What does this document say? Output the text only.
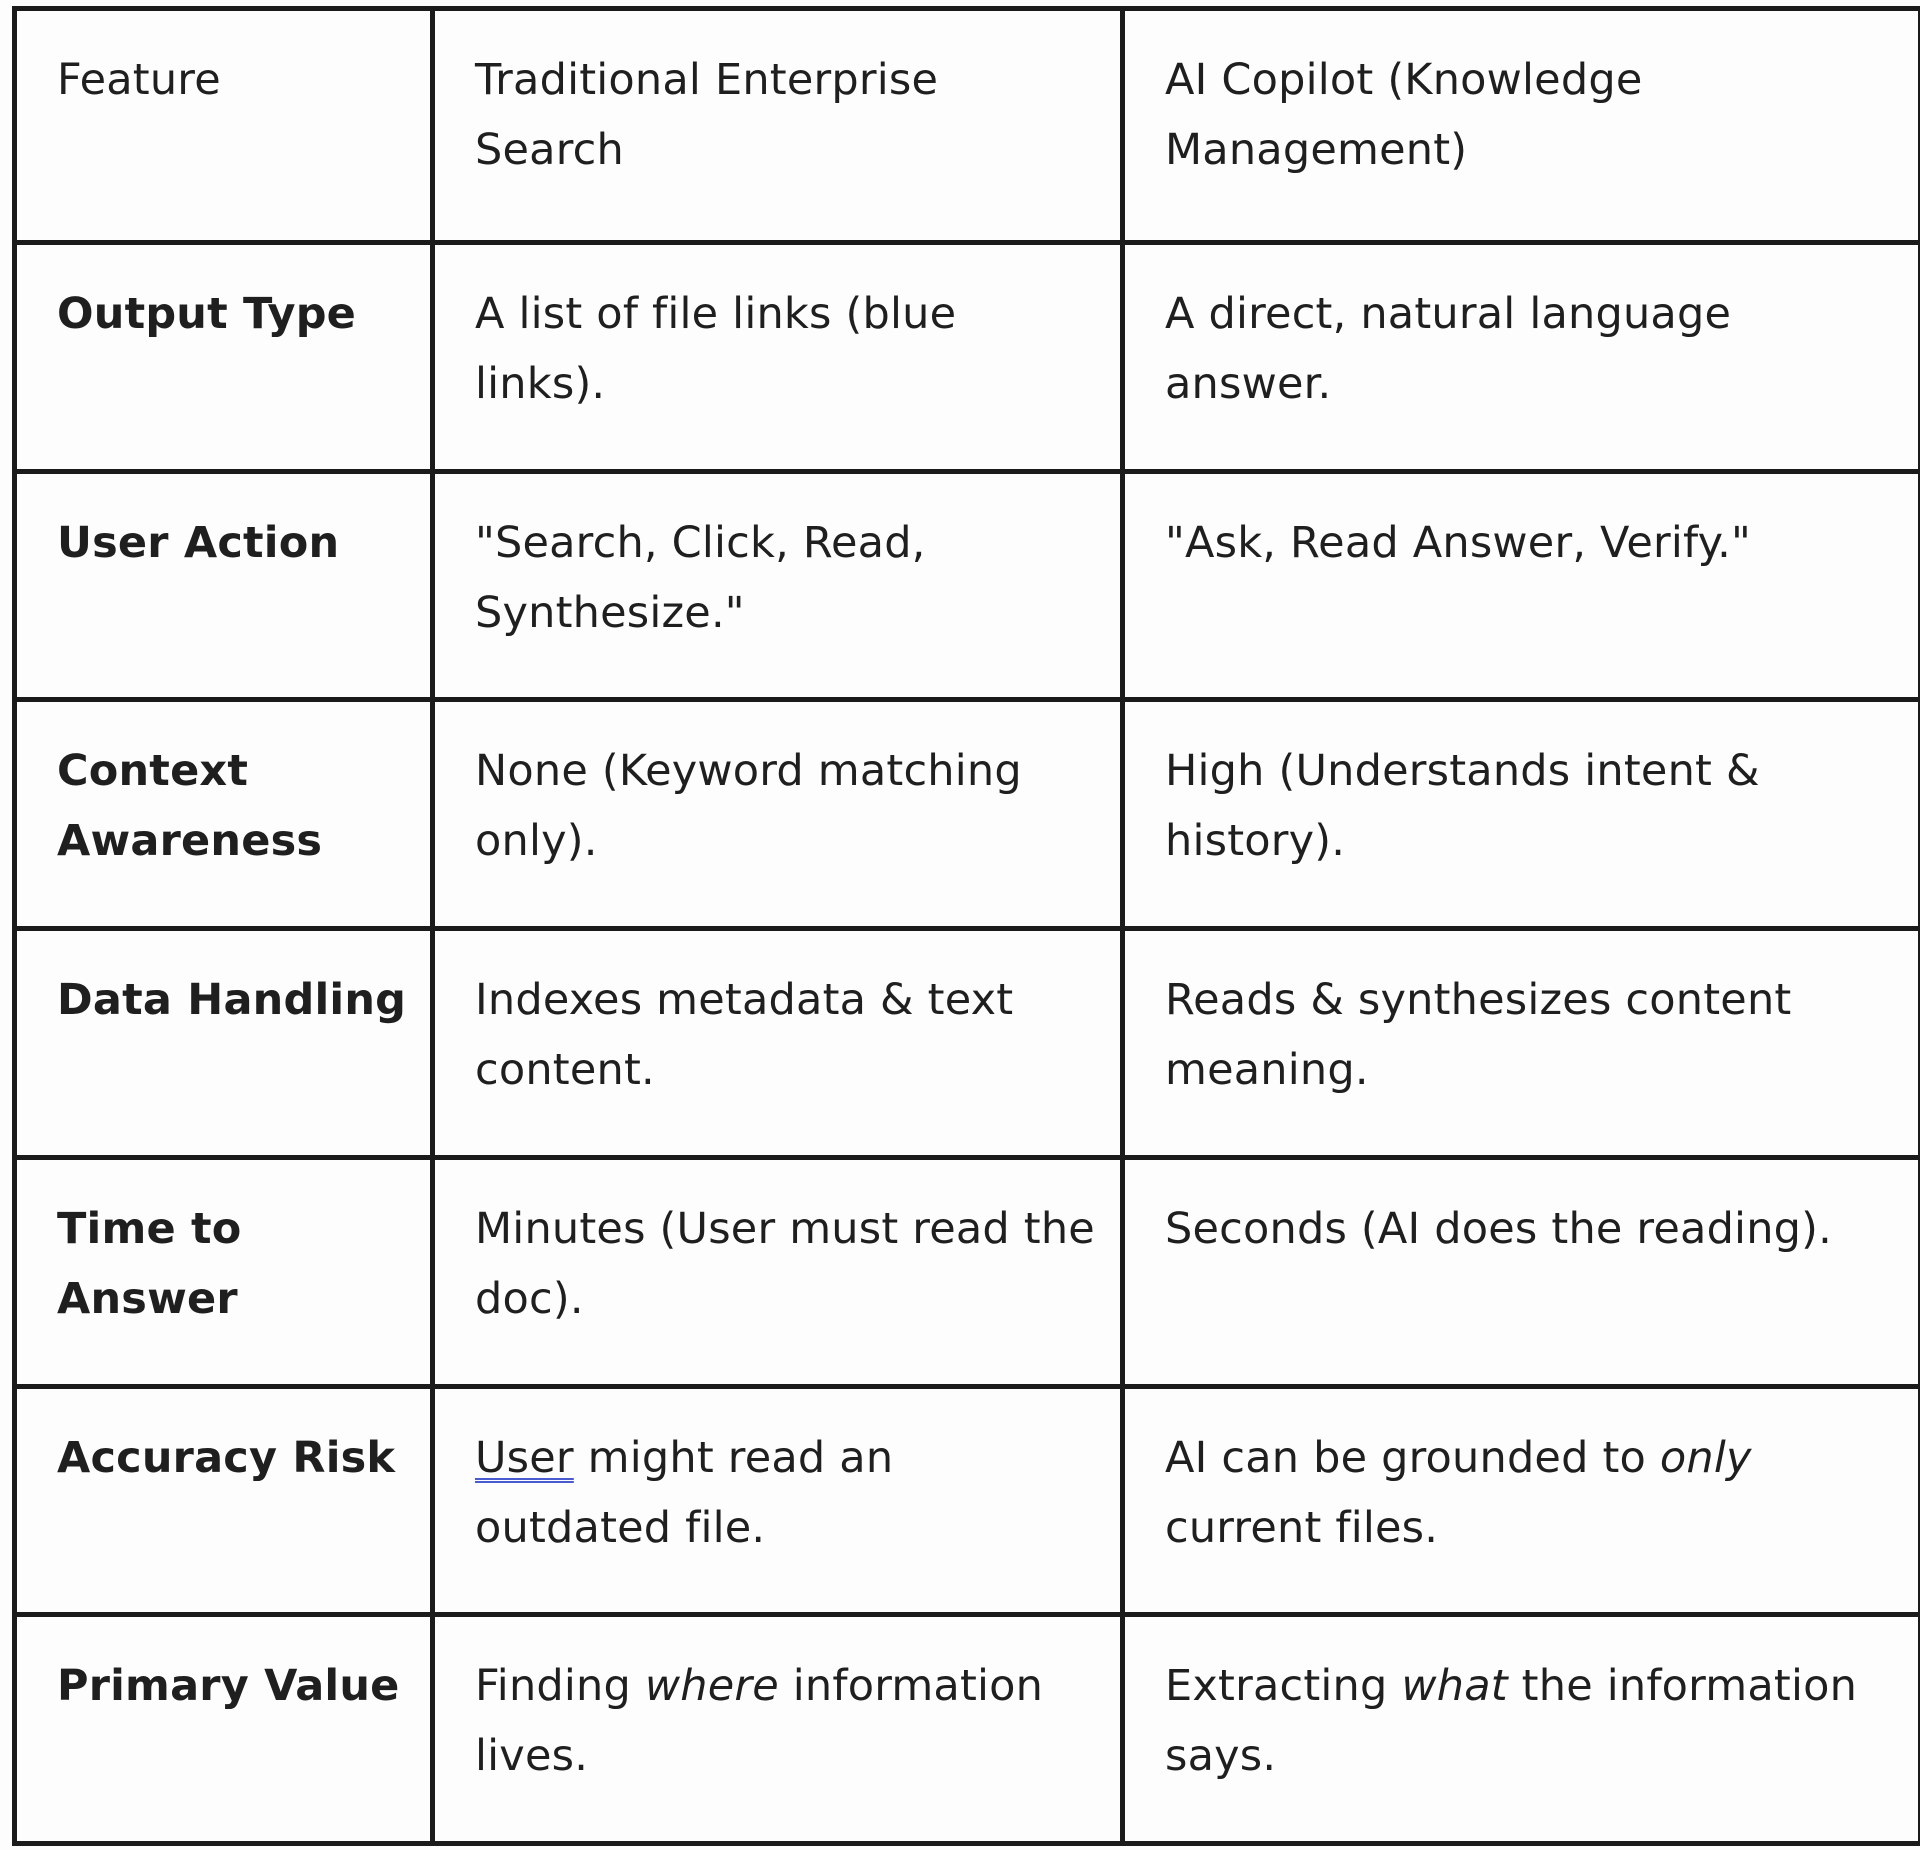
Feature	Traditional Enterprise Search	AI Copilot (Knowledge Management)
Output Type	A list of file links (blue links).	A direct, natural language answer.
User Action	"Search, Click, Read, Synthesize."	"Ask, Read Answer, Verify."
Context Awareness	None (Keyword matching only).	High (Understands intent & history).
Data Handling	Indexes metadata & text content.	Reads & synthesizes content meaning.
Time to Answer	Minutes (User must read the doc).	Seconds (AI does the reading).
Accuracy Risk	User might read an outdated file.	AI can be grounded to only current files.
Primary Value	Finding where information lives.	Extracting what the information says.
